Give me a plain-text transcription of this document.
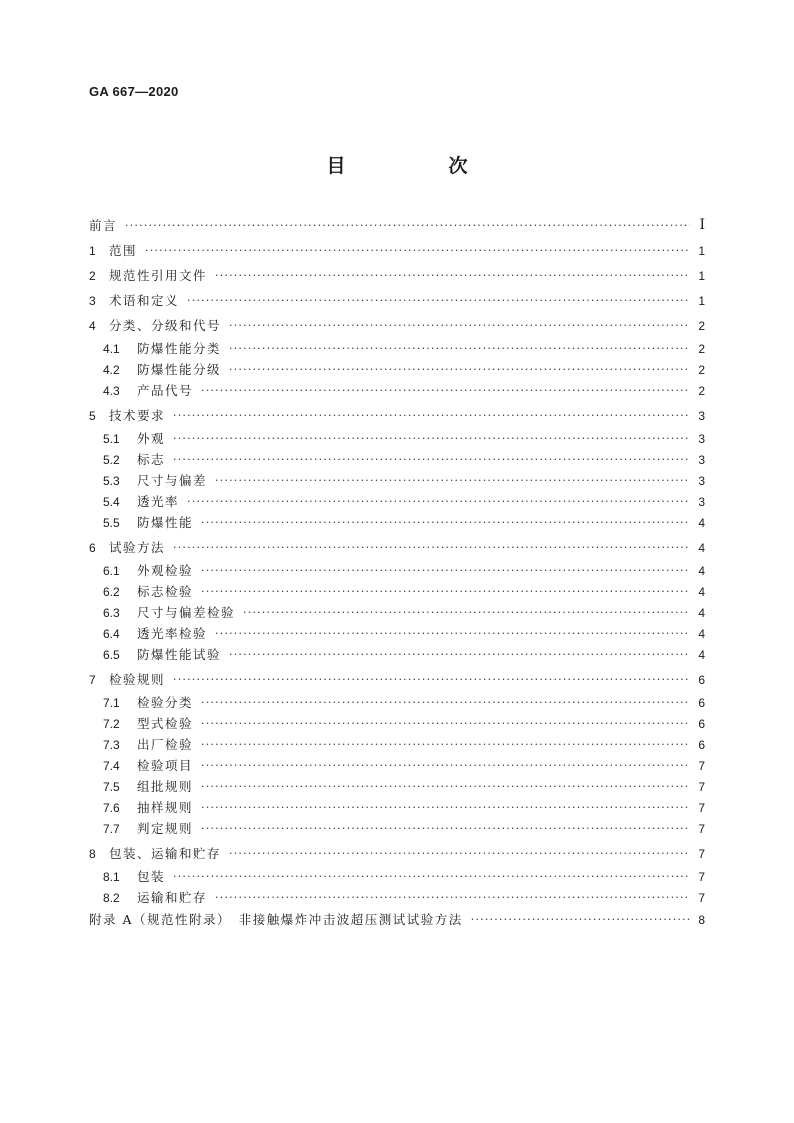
GA 667—2020
目　次
前言 ·····	Ⅰ
1	范围 ·····	1
2	规范性引用文件 ·····	1
3	术语和定义 ·····	1
4	分类、分级和代号 ·····	2
4.1	防爆性能分类 ·····	2
4.2	防爆性能分级 ·····	2
4.3	产品代号 ·····	2
5	技术要求 ·····	3
5.1	外观 ·····	3
5.2	标志 ·····	3
5.3	尺寸与偏差 ·····	3
5.4	透光率 ·····	3
5.5	防爆性能 ·····	4
6	试验方法 ·····	4
6.1	外观检验 ·····	4
6.2	标志检验 ·····	4
6.3	尺寸与偏差检验 ·····	4
6.4	透光率检验 ·····	4
6.5	防爆性能试验 ·····	4
7	检验规则 ·····	6
7.1	检验分类 ·····	6
7.2	型式检验 ·····	6
7.3	出厂检验 ·····	6
7.4	检验项目 ·····	7
7.5	组批规则 ·····	7
7.6	抽样规则 ·····	7
7.7	判定规则 ·····	7
8	包装、运输和贮存 ·····	7
8.1	包装 ·····	7
8.2	运输和贮存 ·····	7
附录 A（规范性附录）　非接触爆炸冲击波超压测试试验方法 ·····	8
